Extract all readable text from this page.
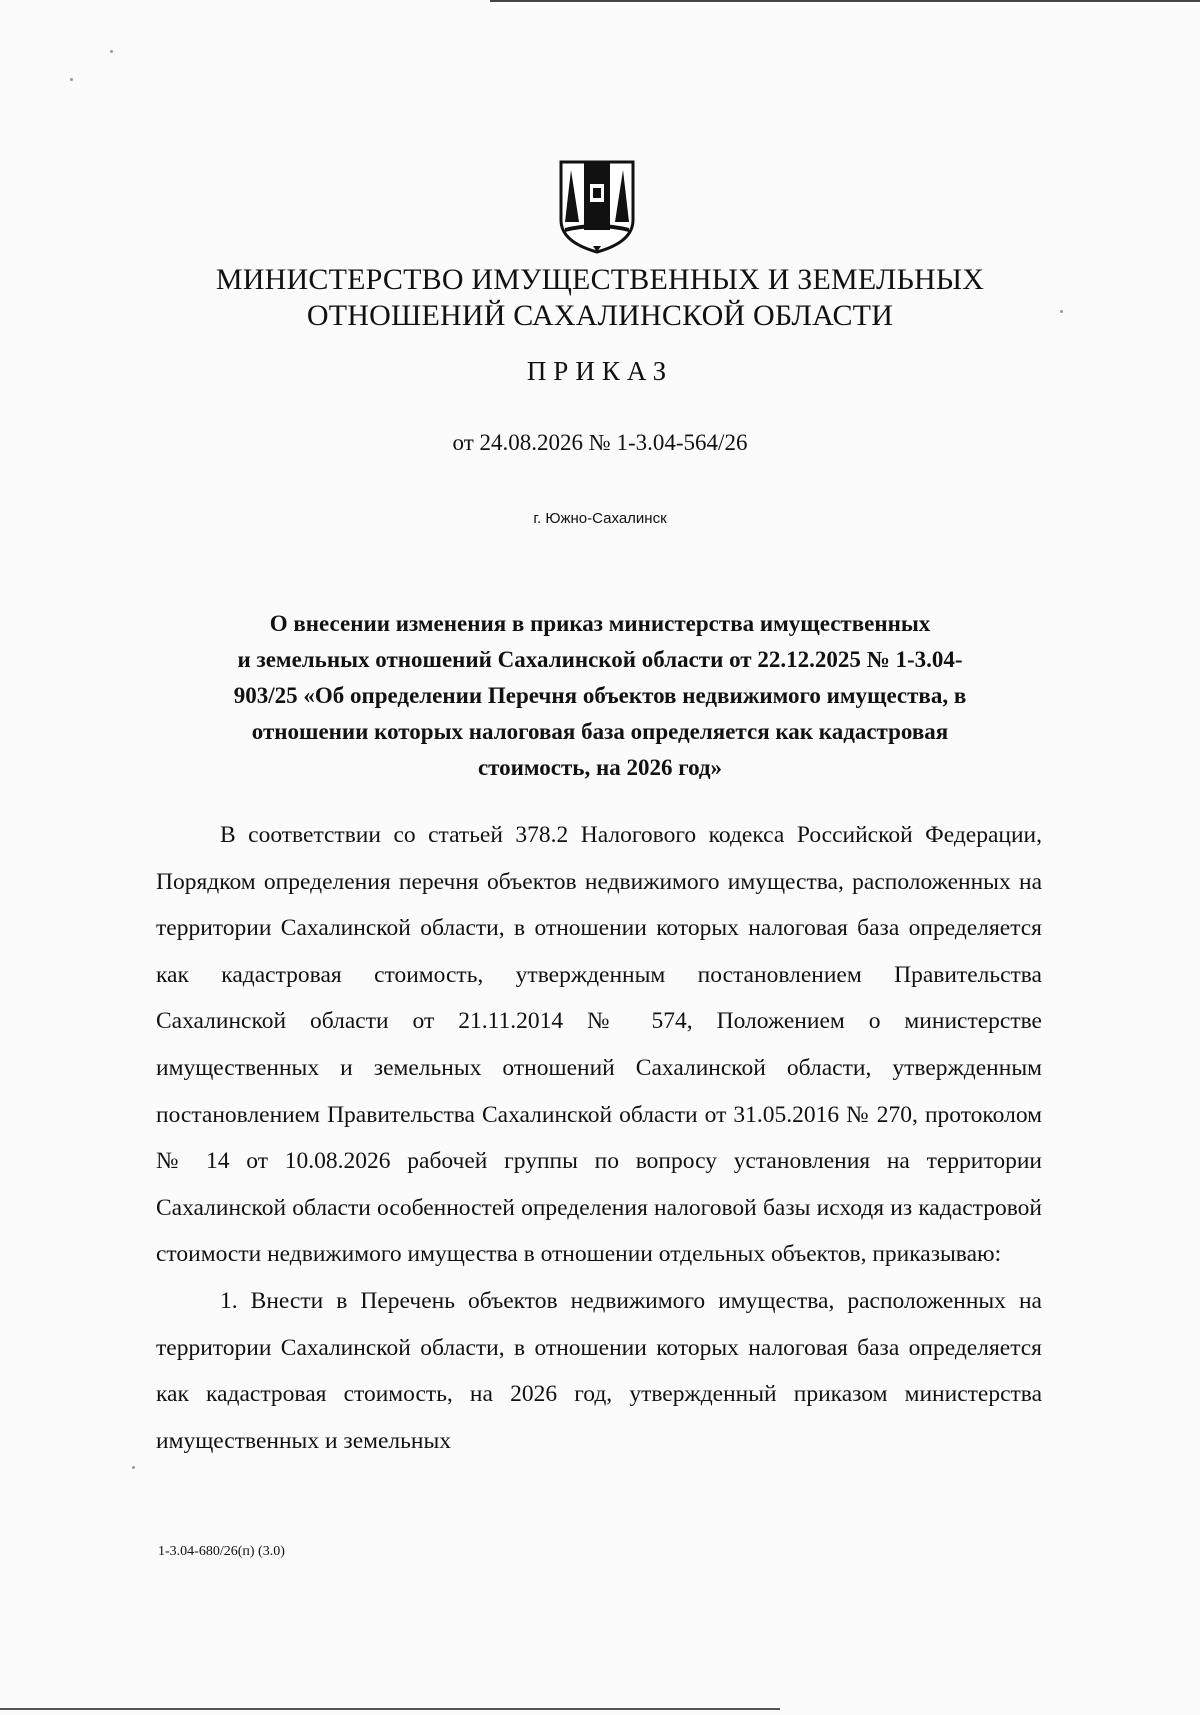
МИНИСТЕРСТВО ИМУЩЕСТВЕННЫХ И ЗЕМЕЛЬНЫХ
ОТНОШЕНИЙ САХАЛИНСКОЙ ОБЛАСТИ
ПРИКАЗ
от 24.08.2026 № 1-3.04-564/26
г. Южно-Сахалинск
О внесении изменения в приказ министерства имущественных
и земельных отношений Сахалинской области от 22.12.2025 № 1-3.04-
903/25 «Об определении Перечня объектов недвижимого имущества, в
отношении которых налоговая база определяется как кадастровая
стоимость, на 2026 год»

В соответствии со статьей 378.2 Налогового кодекса Российской Федерации, Порядком определения перечня объектов недвижимого имущества, расположенных на территории Сахалинской области, в отношении которых налоговая база определяется как кадастровая стоимость, утвержденным постановлением Правительства Сахалинской области от 21.11.2014 № 574, Положением о министерстве имущественных и земельных отношений Сахалинской области, утвержденным постановлением Правительства Сахалинской области от 31.05.2016 № 270, протоколом № 14 от 10.08.2026 рабочей группы по вопросу установления на территории Сахалинской области особенностей определения налоговой базы исходя из кадастровой стоимости недвижимого имущества в отношении отдельных объектов, приказываю:

1. Внести в Перечень объектов недвижимого имущества, расположенных на территории Сахалинской области, в отношении которых налоговая база определяется как кадастровая стоимость, на 2026 год, утвержденный приказом министерства имущественных и земельных

1-3.04-680/26(п) (3.0)
